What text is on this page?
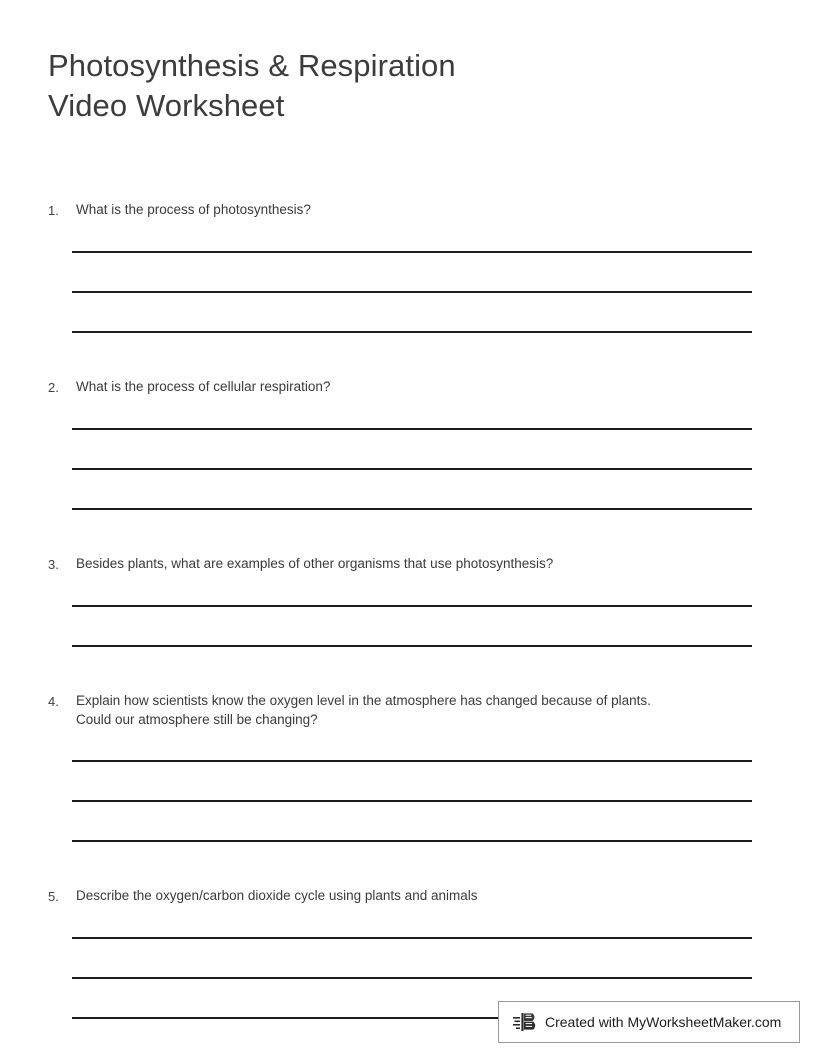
Photosynthesis & Respiration
Video Worksheet
1.	What is the process of photosynthesis?
2.	What is the process of cellular respiration?
3.	Besides plants, what are examples of other organisms that use photosynthesis?
4.	Explain how scientists know the oxygen level in the atmosphere has changed because of plants.
Could our atmosphere still be changing?
5.	Describe the oxygen/carbon dioxide cycle using plants and animals
Created with MyWorksheetMaker.com
